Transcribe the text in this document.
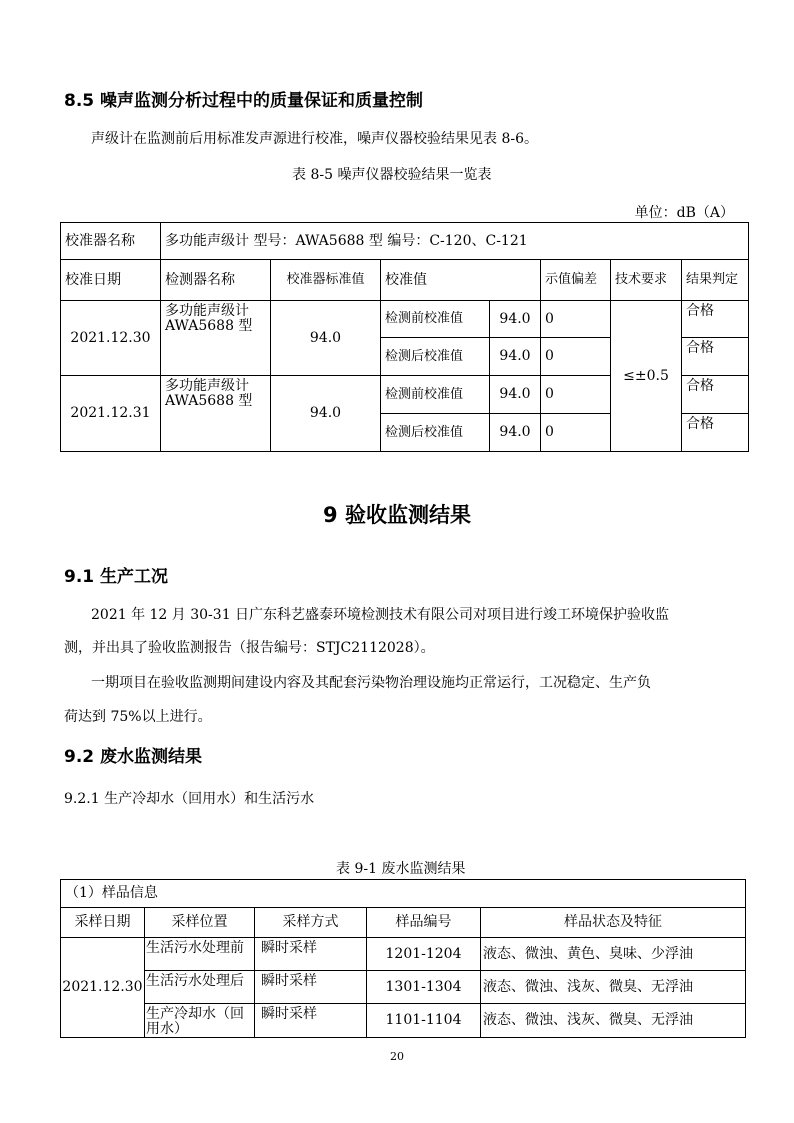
8.5 噪声监测分析过程中的质量保证和质量控制
声级计在监测前后用标准发声源进行校准，噪声仪器校验结果见表 8-6。
表 8-5 噪声仪器校验结果一览表
单位：dB（A）
校准器名称	多功能声级计 型号：AWA5688 型 编号：C-120、C-121						
校准日期	检测器名称	校准器标准值	校准值		示值偏差	技术要求	结果判定
2021.12.30	多功能声级计 AWA5688 型	94.0	检测前校准值	94.0	0	≤±0.5	合格
			检测后校准值	94.0	0		合格
2021.12.31	多功能声级计 AWA5688 型	94.0	检测前校准值	94.0	0		合格
			检测后校准值	94.0	0		合格
9 验收监测结果
9.1 生产工况
2021 年 12 月 30-31 日广东科艺盛泰环境检测技术有限公司对项目进行竣工环境保护验收监
测，并出具了验收监测报告（报告编号：STJC2112028）。
一期项目在验收监测期间建设内容及其配套污染物治理设施均正常运行，工况稳定、生产负
荷达到 75%以上进行。
9.2 废水监测结果
9.2.1 生产冷却水（回用水）和生活污水
表 9-1 废水监测结果
（1）样品信息				
采样日期	采样位置	采样方式	样品编号	样品状态及特征
2021.12.30	生活污水处理前	瞬时采样	1201-1204	液态、微浊、黄色、臭味、少浮油
	生活污水处理后	瞬时采样	1301-1304	液态、微浊、浅灰、微臭、无浮油
	生产冷却水（回用水）	瞬时采样	1101-1104	液态、微浊、浅灰、微臭、无浮油
20
